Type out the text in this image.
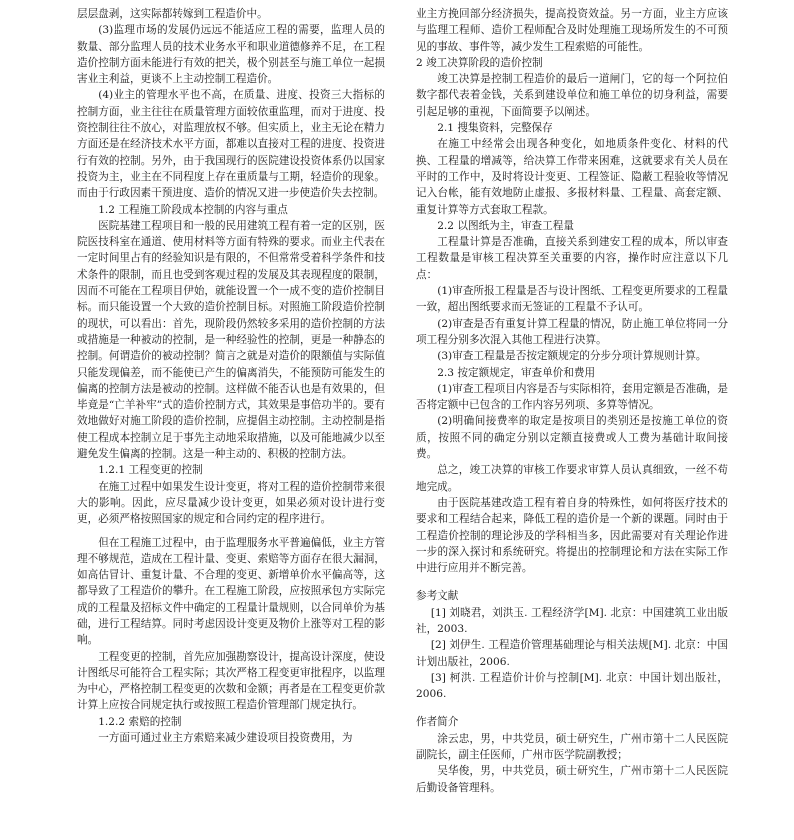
层层盘剥，这实际都转嫁到工程造价中。

(3)监理市场的发展仍远远不能适应工程的需要，监理人员的数量、部分监理人员的技术业务水平和职业道德修养不足，在工程造价控制方面未能进行有效的把关，极个别甚至与施工单位一起损害业主利益，更谈不上主动控制工程造价。

(4)业主的管理水平也不高，在质量、进度、投资三大指标的控制方面，业主往往在质量管理方面较依重监理，而对于进度、投资控制往往不放心，对监理放权不够。但实质上，业主无论在精力方面还是在经济技术水平方面，都难以直接对工程的进度、投资进行有效的控制。另外，由于我国现行的医院建设投资体系仍以国家投资为主，业主在不同程度上存在重质量与工期，轻造价的现象。而由于行政因素干预进度、造价的情况又进一步使造价失去控制。

1.2 工程施工阶段成本控制的内容与重点

医院基建工程项目和一般的民用建筑工程有着一定的区别，医院医技科室在通道、使用材料等方面有特殊的要求。而业主代表在一定时间里占有的经验知识是有限的，不但常常受着科学条件和技术条件的限制，而且也受到客观过程的发展及其表现程度的限制，因而不可能在工程项目伊始，就能设置一个一成不变的造价控制目标。而只能设置一个大致的造价控制目标。对照施工阶段造价控制的现状，可以看出：首先，现阶段仍然较多采用的造价控制的方法或措施是一种被动的控制，是一种经验性的控制，更是一种静态的控制。何谓造价的被动控制？简言之就是对造价的限额值与实际值只能发现偏差，而不能使已产生的偏离消失，不能预防可能发生的偏离的控制方法是被动的控制。这样做不能否认也是有效果的，但毕竟是“亡羊补牢”式的造价控制方式，其效果是事倍功半的。要有效地做好对施工阶段的造价控制，应提倡主动控制。主动控制是指使工程成本控制立足于事先主动地采取措施，以及可能地减少以至避免发生偏离的控制。这是一种主动的、积极的控制方法。

1.2.1 工程变更的控制

在施工过程中如果发生设计变更，将对工程的造价控制带来很大的影响。因此，应尽量减少设计变更，如果必须对设计进行变更，必须严格按照国家的规定和合同约定的程序进行。

但在工程施工过程中，由于监理服务水平普遍偏低，业主方管理不够规范，造成在工程计量、变更、索赔等方面存在很大漏洞，如高估冒计、重复计量、不合理的变更、新增单价水平偏高等，这都导致了工程造价的攀升。在工程施工阶段，应按照承包方实际完成的工程量及招标文件中确定的工程量计量规则，以合同单价为基础，进行工程结算。同时考虑因设计变更及物价上涨等对工程的影响。

工程变更的控制，首先应加强勘察设计，提高设计深度，使设计图纸尽可能符合工程实际；其次严格工程变更审批程序，以监理为中心，严格控制工程变更的次数和金额；再者是在工程变更价款计算上应按合同规定执行或按照工程造价管理部门规定执行。

1.2.2 索赔的控制

一方面可通过业主方索赔来减少建设项目投资费用，为

业主方挽回部分经济损失，提高投资效益。另一方面，业主方应该与监理工程师、造价工程师配合及时处理施工现场所发生的不可预见的事故、事件等，减少发生工程索赔的可能性。

2 竣工决算阶段的造价控制

竣工决算是控制工程造价的最后一道闸门，它的每一个阿拉伯数字都代表着金钱，关系到建设单位和施工单位的切身利益，需要引起足够的重视，下面简要予以阐述。

2.1 搜集资料，完整保存

在施工中经常会出现各种变化，如地质条件变化、材料的代换、工程量的增减等，给决算工作带来困难，这就要求有关人员在平时的工作中，及时将设计变更、工程签证、隐蔽工程验收等情况记入台帐，能有效地防止虚报、多报材料量、工程量、高套定额、重复计算等方式套取工程款。

2.2 以图纸为主，审查工程量

工程量计算是否准确，直接关系到建安工程的成本，所以审查工程数量是审核工程决算至关重要的内容，操作时应注意以下几点：

(1)审查所报工程量是否与设计图纸、工程变更所要求的工程量一致，超出图纸要求而无签证的工程量不予认可。

(2)审查是否有重复计算工程量的情况，防止施工单位将同一分项工程分别多次混入其他工程进行决算。

(3)审查工程量是否按定额规定的分步分项计算规则计算。

2.3 按定额规定，审查单价和费用

(1)审查工程项目内容是否与实际相符，套用定额是否准确，是否将定额中已包含的工作内容另列项、多算等情况。

(2)明确间接费率的取定是按项目的类别还是按施工单位的资质，按照不同的确定分别以定额直接费或人工费为基础计取间接费。

总之，竣工决算的审核工作要求审算人员认真细致，一丝不苟地完成。

由于医院基建改造工程有着自身的特殊性，如何将医疗技术的要求和工程结合起来，降低工程的造价是一个新的课题。同时由于工程造价控制的理论涉及的学科相当多，因此需要对有关理论作进一步的深入探讨和系统研究。将提出的控制理论和方法在实际工作中进行应用并不断完善。

参考文献

[1] 刘晓君，刘洪玉. 工程经济学[M]. 北京：中国建筑工业出版社，2003.

[2] 刘伊生. 工程造价管理基础理论与相关法规[M]. 北京：中国计划出版社，2006.

[3] 柯洪. 工程造价计价与控制[M]. 北京：中国计划出版社，2006.

作者简介

涂云忠，男，中共党员，硕士研究生，广州市第十二人民医院副院长，副主任医师，广州市医学院副教授；

吴华俊，男，中共党员，硕士研究生，广州市第十二人民医院后勤设备管理科。
